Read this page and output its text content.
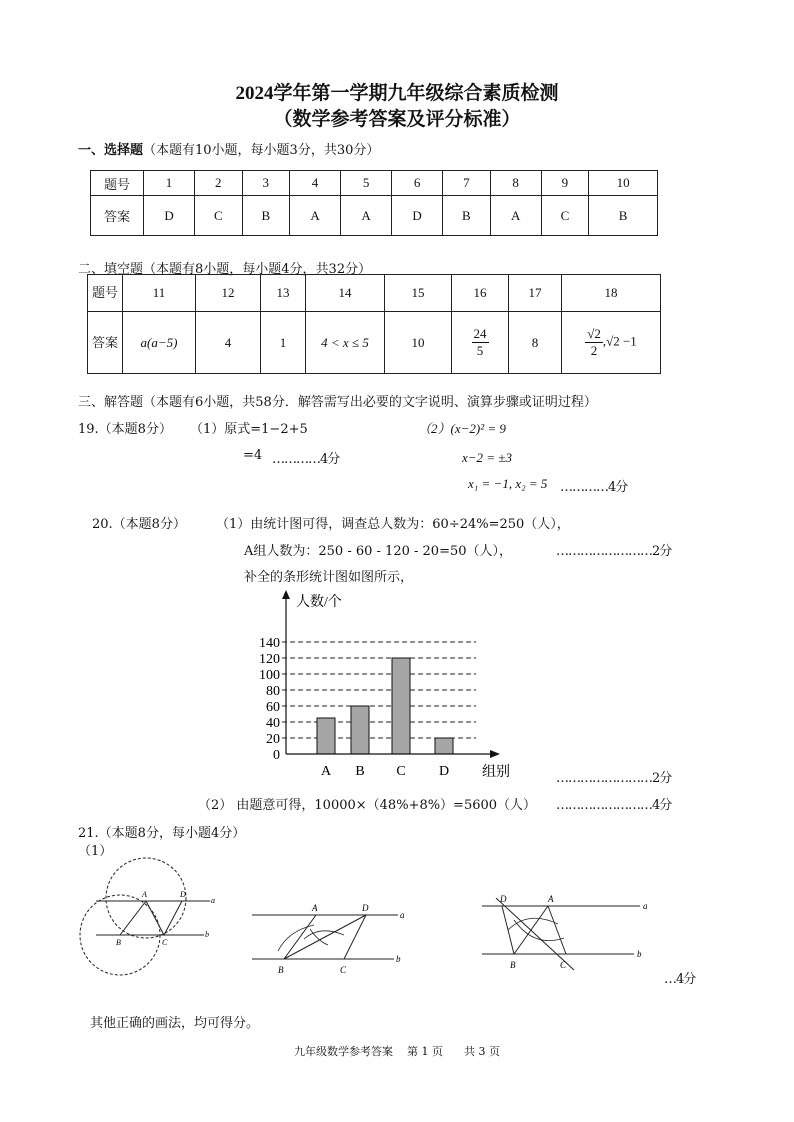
2024学年第一学期九年级综合素质检测
（数学参考答案及评分标准）
一、选择题（本题有10小题，每小题3分，共30分）
题号	1	2	3	4	5	6	7	8	9	10
答案	D	C	B	A	A	D	B	A	C	B
二、填空题（本题有8小题，每小题4分，共32分）
题号	11	12	13	14	15	16	17	18
答案	a(a−5)	4	1	4 < x ≤ 5	10	$\frac{24}{5}$	8	$\frac{√2}{2} ,√2 -1$
三、解答题（本题有6小题，共58分．解答需写出必要的文字说明、演算步骤或证明过程）
19.（本题8分） （1）原式=1−2+5
=4 …………4分
（2）(x−2)² = 9
x−2 = ±3
x₁ = −1, x₂ = 5 …………4分
20.（本题8分） （1）由统计图可得，调查总人数为：60÷24%=250（人），
A组人数为：250 - 60 - 120 - 20=50（人），	……………………2分
补全的条形统计图如图所示，
0
20
40
60
80
100
120
140
A B C D
人数/个
组别	……………………2分
（2） 由题意可得，10000×（48%+8%）=5600（人） ……………………4分
21.（本题8分，每小题4分）
（1）
A	D
B	C
a
b
A	D
B	C
a
b
D	A
B	C
a
b
…4分
其他正确的画法，均可得分。
九年级数学参考答案    第 1 页      共 3 页
